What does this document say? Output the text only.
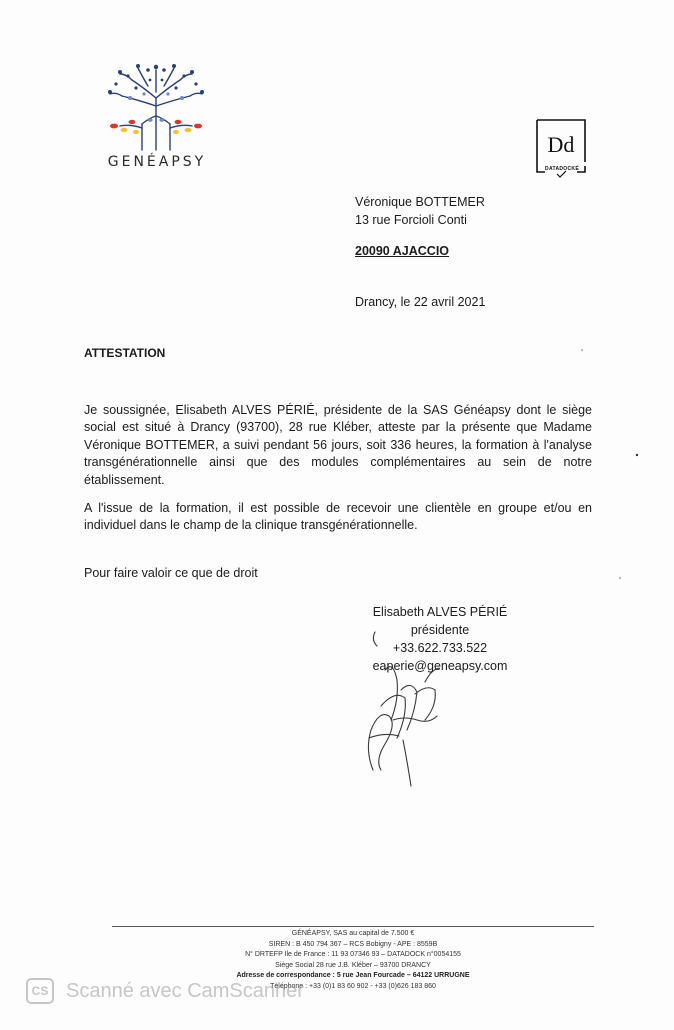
GENÉAPSY
Dd
DATADOCKÉ
Véronique BOTTEMER
13 rue Forcioli Conti
20090 AJACCIO
Drancy, le 22 avril 2021
ATTESTATION
Je soussignée, Elisabeth ALVES PÉRIÉ, présidente de la SAS Généapsy dont le siège social est situé à Drancy (93700), 28 rue Kléber, atteste par la présente que Madame Véronique BOTTEMER, a suivi pendant 56 jours, soit 336 heures, la formation à l'analyse transgénérationnelle ainsi que des modules complémentaires au sein de notre établissement.
A l'issue de la formation, il est possible de recevoir une clientèle en groupe et/ou en individuel dans le champ de la clinique transgénérationnelle.
Pour faire valoir ce que de droit
Elisabeth ALVES PÉRIÉ
présidente
+33.622.733.522
eaperie@geneapsy.com
GÉNÉAPSY, SAS au capital de 7.500 €
SIREN : B 450 794 367 – RCS Bobigny - APE : 8559B
N° DRTEFP Ile de France : 11 93 07346 93 – DATADOCK n°0054155
Siège Social 28 rue J.B. Kléber – 93700 DRANCY
Adresse de correspondance : 5 rue Jean Fourcade – 64122 URRUGNE
Téléphone : +33 (0)1 83 60 902 - +33 (0)626 183 860
CS Scanné avec CamScanner
